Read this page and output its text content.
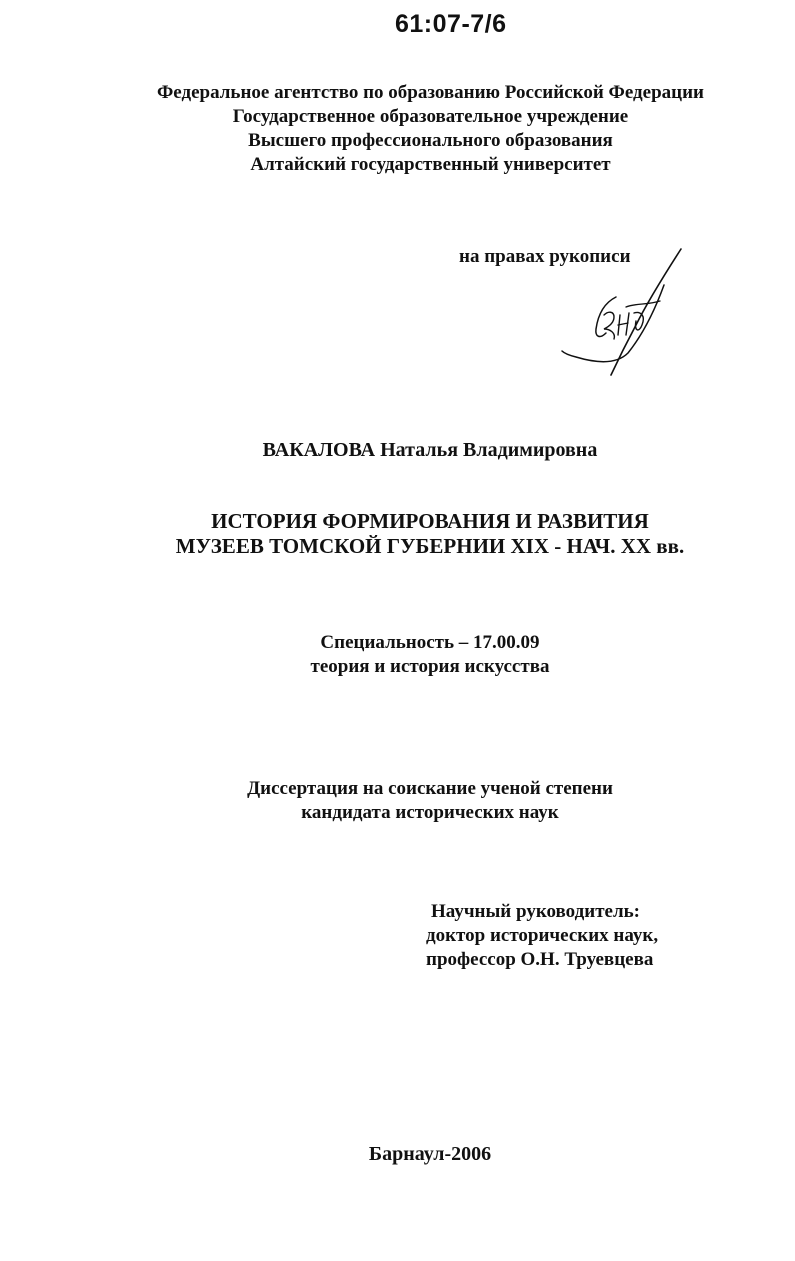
61:07-7/6
Федеральное агентство по образованию Российской Федерации
Государственное образовательное учреждение
Высшего профессионального образования
Алтайский государственный университет
на правах рукописи
ВАКАЛОВА Наталья Владимировна
ИСТОРИЯ ФОРМИРОВАНИЯ И РАЗВИТИЯ
МУЗЕЕВ ТОМСКОЙ ГУБЕРНИИ XIX - НАЧ. XX вв.
Специальность – 17.00.09
теория и история искусства
Диссертация на соискание ученой степени
кандидата исторических наук
Научный руководитель:
доктор исторических наук,
профессор О.Н. Труевцева
Барнаул-2006
